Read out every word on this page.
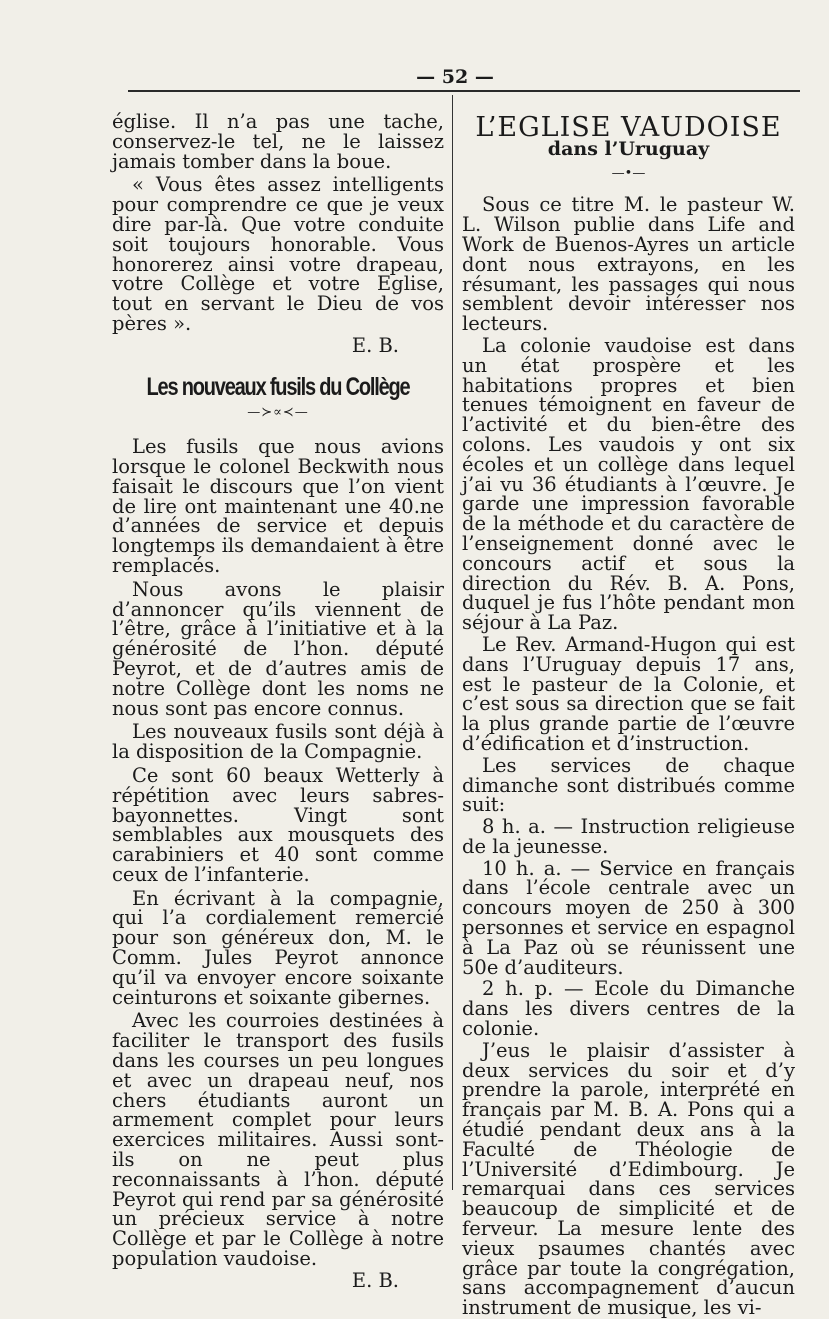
— 52 —

église. Il n’a pas une tache, conservez-le tel, ne le laissez jamais tomber dans la boue.

« Vous êtes assez intelligents pour comprendre ce que je veux dire par-là. Que votre conduite soit toujours honorable. Vous honorerez ainsi votre drapeau, votre Collège et votre Eglise, tout en servant le Dieu de vos pères ».

E. B.
Les nouveaux fusils du Collège
—≻∝≺—

Les fusils que nous avions lorsque le colonel Beckwith nous faisait le discours que l’on vient de lire ont maintenant une 40.ne d’années de service et depuis longtemps ils demandaient à être remplacés.

Nous avons le plaisir d’annoncer qu’ils viennent de l’être, grâce à l’initiative et à la générosité de l’hon. député Peyrot, et de d’autres amis de notre Collège dont les noms ne nous sont pas encore connus.

Les nouveaux fusils sont déjà à la disposition de la Compagnie.

Ce sont 60 beaux Wetterly à répétition avec leurs sabres-bayonnettes. Vingt sont semblables aux mousquets des carabiniers et 40 sont comme ceux de l’infanterie.

En écrivant à la compagnie, qui l’a cordialement remercié pour son généreux don, M. le Comm. Jules Peyrot annonce qu’il va envoyer encore soixante ceinturons et soixante gibernes.

Avec les courroies destinées à faciliter le transport des fusils dans les courses un peu longues et avec un drapeau neuf, nos chers étudiants auront un armement complet pour leurs exercices militaires. Aussi sont-ils on ne peut plus reconnaissants à l’hon. député Peyrot qui rend par sa générosité un précieux service à notre Collège et par le Collège à notre population vaudoise.

E. B.
L’EGLISE VAUDOISE
dans l’Uruguay
—•—

Sous ce titre M. le pasteur W. L. Wilson publie dans Life and Work de Buenos-Ayres un article dont nous extrayons, en les résumant, les passages qui nous semblent devoir intéresser nos lecteurs.

La colonie vaudoise est dans un état prospère et les habitations propres et bien tenues témoignent en faveur de l’activité et du bien-être des colons. Les vaudois y ont six écoles et un collège dans lequel j’ai vu 36 étudiants à l’œuvre. Je garde une impression favorable de la méthode et du caractère de l’enseignement donné avec le concours actif et sous la direction du Rév. B. A. Pons, duquel je fus l’hôte pendant mon séjour à La Paz.

Le Rev. Armand-Hugon qui est dans l’Uruguay depuis 17 ans, est le pasteur de la Colonie, et c’est sous sa direction que se fait la plus grande partie de l’œuvre d’édification et d’instruction.

Les services de chaque dimanche sont distribués comme suit:

8 h. a. — Instruction religieuse de la jeunesse.

10 h. a. — Service en français dans l’école centrale avec un concours moyen de 250 à 300 personnes et service en espagnol à La Paz où se réunissent une 50e d’auditeurs.

2 h. p. — Ecole du Dimanche dans les divers centres de la colonie.

J’eus le plaisir d’assister à deux services du soir et d’y prendre la parole, interprété en français par M. B. A. Pons qui a étudié pendant deux ans à la Faculté de Théologie de l’Université d’Edimbourg. Je remarquai dans ces services beaucoup de simplicité et de ferveur. La mesure lente des vieux psaumes chantés avec grâce par toute la congrégation, sans accompagnement d’aucun instrument de musique, les vi-
